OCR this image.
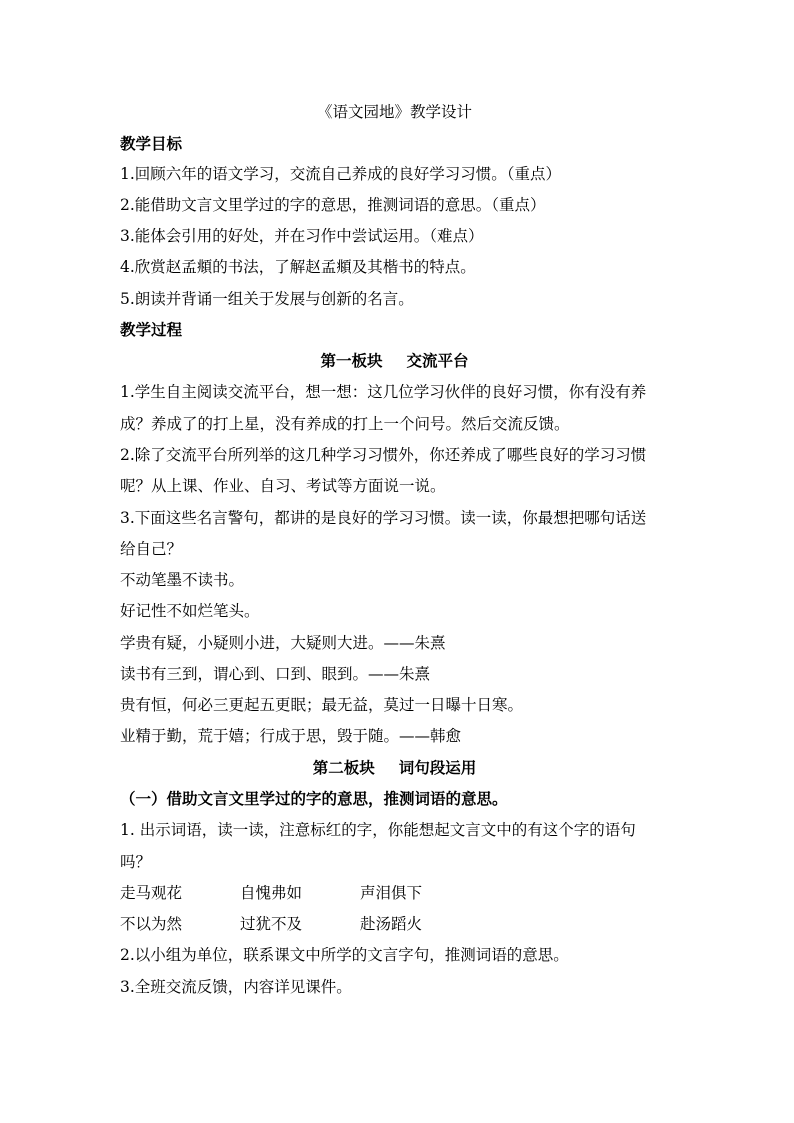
《语文园地》教学设计
教学目标
1.回顾六年的语文学习，交流自己养成的良好学习习惯。（重点）
2.能借助文言文里学过的字的意思，推测词语的意思。（重点）
3.能体会引用的好处，并在习作中尝试运用。（难点）
4.欣赏赵孟頫的书法，了解赵孟頫及其楷书的特点。
5.朗读并背诵一组关于发展与创新的名言。
教学过程
第一板块 交流平台
1.学生自主阅读交流平台，想一想：这几位学习伙伴的良好习惯，你有没有养
成？养成了的打上星，没有养成的打上一个问号。然后交流反馈。
2.除了交流平台所列举的这几种学习习惯外，你还养成了哪些良好的学习习惯
呢？从上课、作业、自习、考试等方面说一说。
3.下面这些名言警句，都讲的是良好的学习习惯。读一读，你最想把哪句话送
给自己？
不动笔墨不读书。
好记性不如烂笔头。
学贵有疑，小疑则小进，大疑则大进。——朱熹
读书有三到，谓心到、口到、眼到。——朱熹
贵有恒，何必三更起五更眠；最无益，莫过一日曝十日寒。
业精于勤，荒于嬉；行成于思，毁于随。——韩愈
第二板块 词句段运用
（一）借助文言文里学过的字的意思，推测词语的意思。
1. 出示词语，读一读，注意标红的字，你能想起文言文中的有这个字的语句
吗？
走马观花	自愧弗如	声泪俱下
不以为然	过犹不及	赴汤蹈火
2.以小组为单位，联系课文中所学的文言字句，推测词语的意思。
3.全班交流反馈，内容详见课件。
